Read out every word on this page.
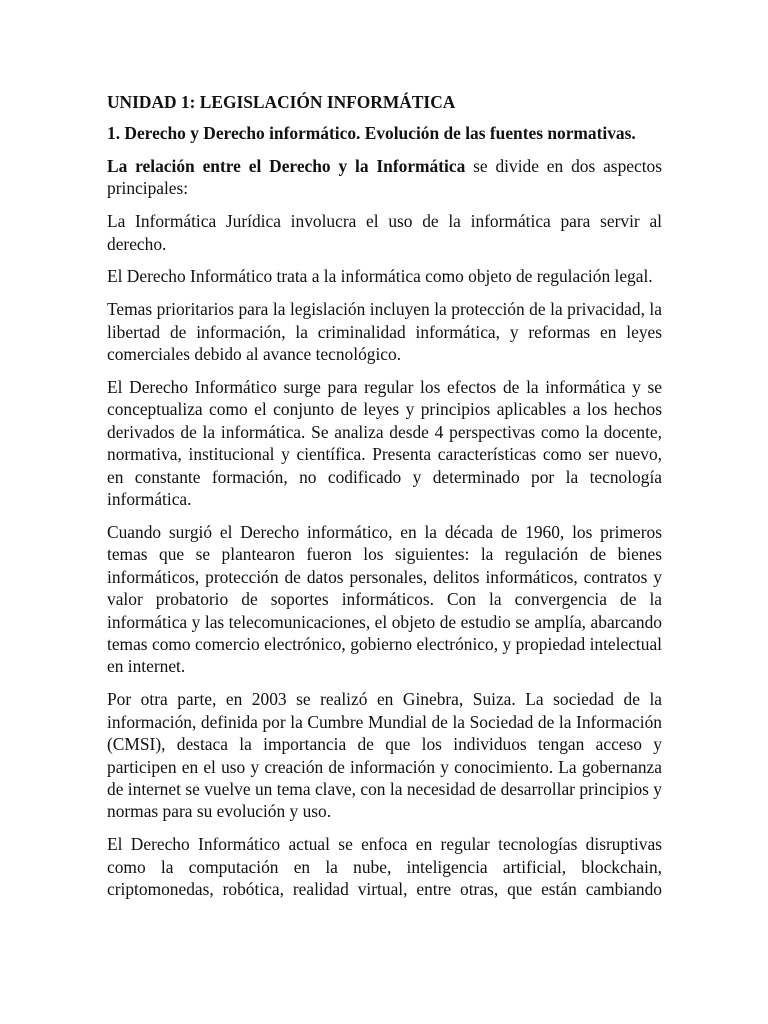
UNIDAD 1: LEGISLACIÓN INFORMÁTICA
1. Derecho y Derecho informático. Evolución de las fuentes normativas.

La relación entre el Derecho y la Informática se divide en dos aspectos principales:

La Informática Jurídica involucra el uso de la informática para servir al derecho.

El Derecho Informático trata a la informática como objeto de regulación legal.

Temas prioritarios para la legislación incluyen la protección de la privacidad, la libertad de información, la criminalidad informática, y reformas en leyes comerciales debido al avance tecnológico.

El Derecho Informático surge para regular los efectos de la informática y se conceptualiza como el conjunto de leyes y principios aplicables a los hechos derivados de la informática. Se analiza desde 4 perspectivas como la docente, normativa, institucional y científica. Presenta características como ser nuevo, en constante formación, no codificado y determinado por la tecnología informática.

Cuando surgió el Derecho informático, en la década de 1960, los primeros temas que se plantearon fueron los siguientes: la regulación de bienes informáticos, protección de datos personales, delitos informáticos, contratos y valor probatorio de soportes informáticos. Con la convergencia de la informática y las telecomunicaciones, el objeto de estudio se amplía, abarcando temas como comercio electrónico, gobierno electrónico, y propiedad intelectual en internet.

Por otra parte, en 2003 se realizó en Ginebra, Suiza. La sociedad de la información, definida por la Cumbre Mundial de la Sociedad de la Información (CMSI), destaca la importancia de que los individuos tengan acceso y participen en el uso y creación de información y conocimiento. La gobernanza de internet se vuelve un tema clave, con la necesidad de desarrollar principios y normas para su evolución y uso.

El Derecho Informático actual se enfoca en regular tecnologías disruptivas como la computación en la nube, inteligencia artificial, blockchain, criptomonedas, robótica, realidad virtual, entre otras, que están cambiando
